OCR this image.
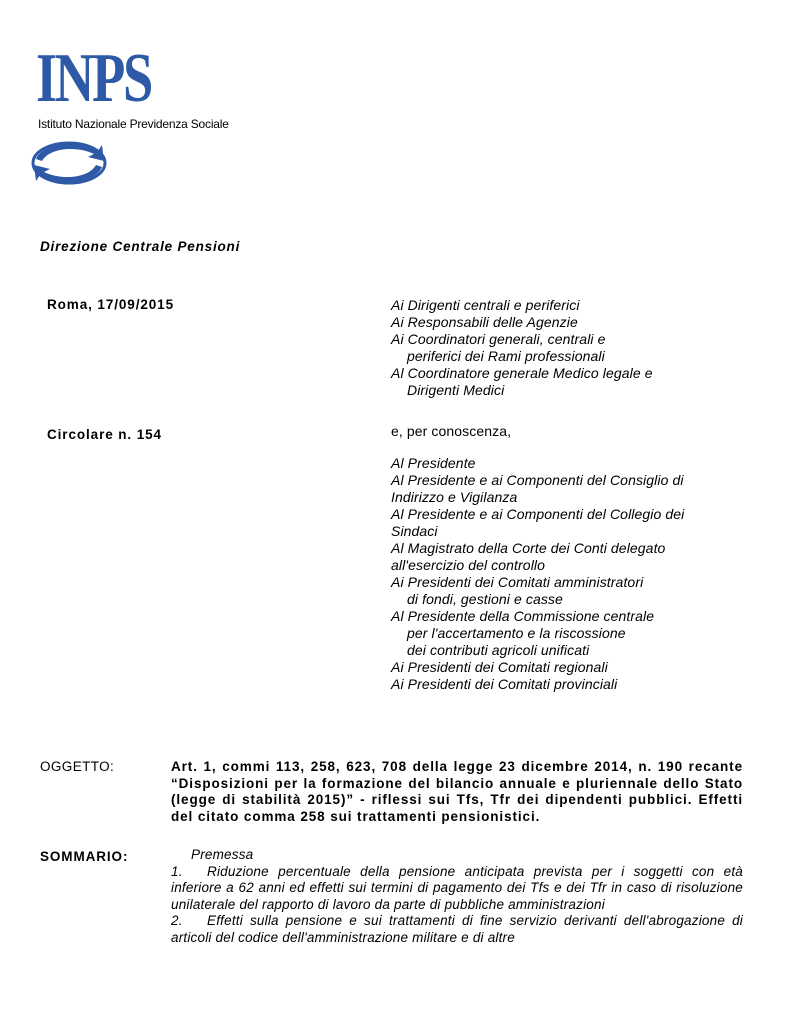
INPS
Istituto Nazionale Previdenza Sociale
Direzione Centrale Pensioni
Roma, 17/09/2015
Circolare n. 154
Ai Dirigenti centrali e periferici
Ai Responsabili delle Agenzie
Ai Coordinatori generali, centrali e
periferici dei Rami professionali
Al Coordinatore generale Medico legale e
Dirigenti Medici
e, per conoscenza,
Al Presidente
Al Presidente e ai Componenti del Consiglio di
Indirizzo e Vigilanza
Al Presidente e ai Componenti del Collegio dei
Sindaci
Al Magistrato della Corte dei Conti delegato
all'esercizio del controllo
Ai Presidenti dei Comitati amministratori
di fondi, gestioni e casse
Al Presidente della Commissione centrale
per l'accertamento e la riscossione
dei contributi agricoli unificati
Ai Presidenti dei Comitati regionali
Ai Presidenti dei Comitati provinciali
OGGETTO:	Art. 1, commi 113, 258, 623, 708 della legge 23 dicembre 2014, n. 190 recante “Disposizioni per la formazione del bilancio annuale e pluriennale dello Stato (legge di stabilità 2015)” - riflessi sui Tfs, Tfr dei dipendenti pubblici. Effetti del citato comma 258 sui trattamenti pensionistici.
SOMMARIO:	Premessa

1. Riduzione percentuale della pensione anticipata prevista per i soggetti con età inferiore a 62 anni ed effetti sui termini di pagamento dei Tfs e dei Tfr in caso di risoluzione unilaterale del rapporto di lavoro da parte di pubbliche amministrazioni

2. Effetti sulla pensione e sui trattamenti di fine servizio derivanti dell'abrogazione di articoli del codice dell'amministrazione militare e di altre
